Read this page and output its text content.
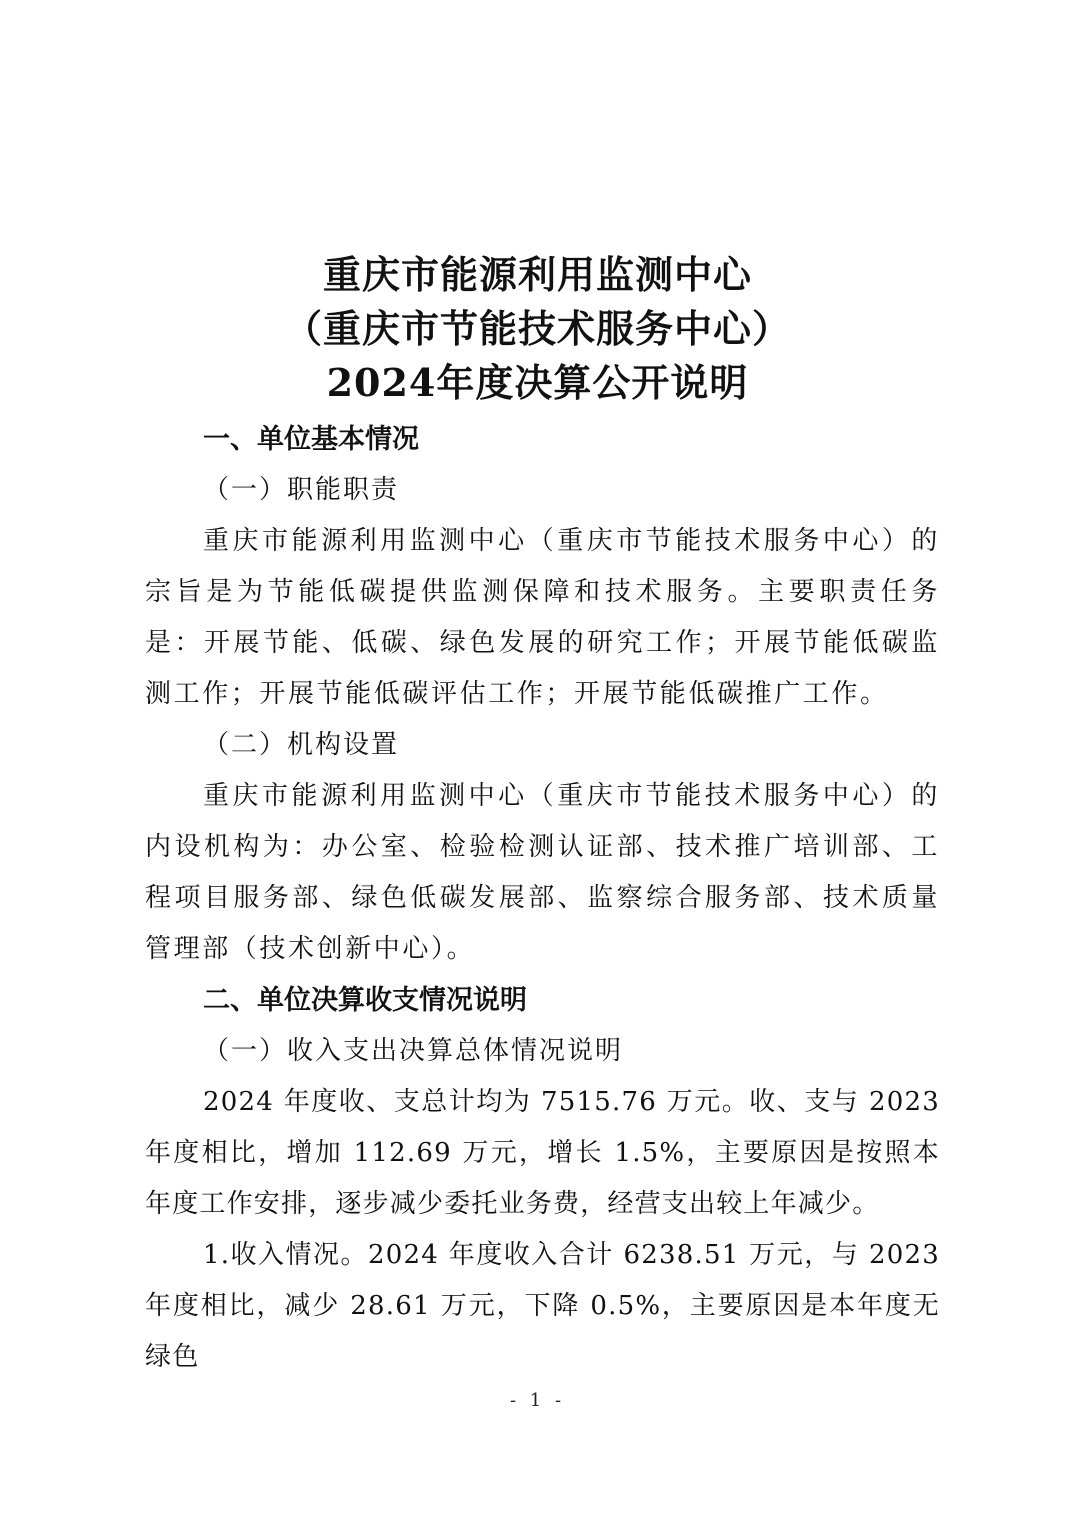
重庆市能源利用监测中心
（重庆市节能技术服务中心）
2024年度决算公开说明
一、单位基本情况
（一）职能职责

重庆市能源利用监测中心（重庆市节能技术服务中心）的宗旨是为节能低碳提供监测保障和技术服务。主要职责任务是：开展节能、低碳、绿色发展的研究工作；开展节能低碳监测工作；开展节能低碳评估工作；开展节能低碳推广工作。

（二）机构设置

重庆市能源利用监测中心（重庆市节能技术服务中心）的内设机构为：办公室、检验检测认证部、技术推广培训部、工程项目服务部、绿色低碳发展部、监察综合服务部、技术质量管理部（技术创新中心）。

二、单位决算收支情况说明
（一）收入支出决算总体情况说明

2024 年度收、支总计均为 7515.76 万元。收、支与 2023 年度相比，增加 112.69 万元，增长 1.5%，主要原因是按照本年度工作安排，逐步减少委托业务费，经营支出较上年减少。

1.收入情况。2024 年度收入合计 6238.51 万元，与 2023 年度相比，减少 28.61 万元，下降 0.5%，主要原因是本年度无绿色

- 1 -
